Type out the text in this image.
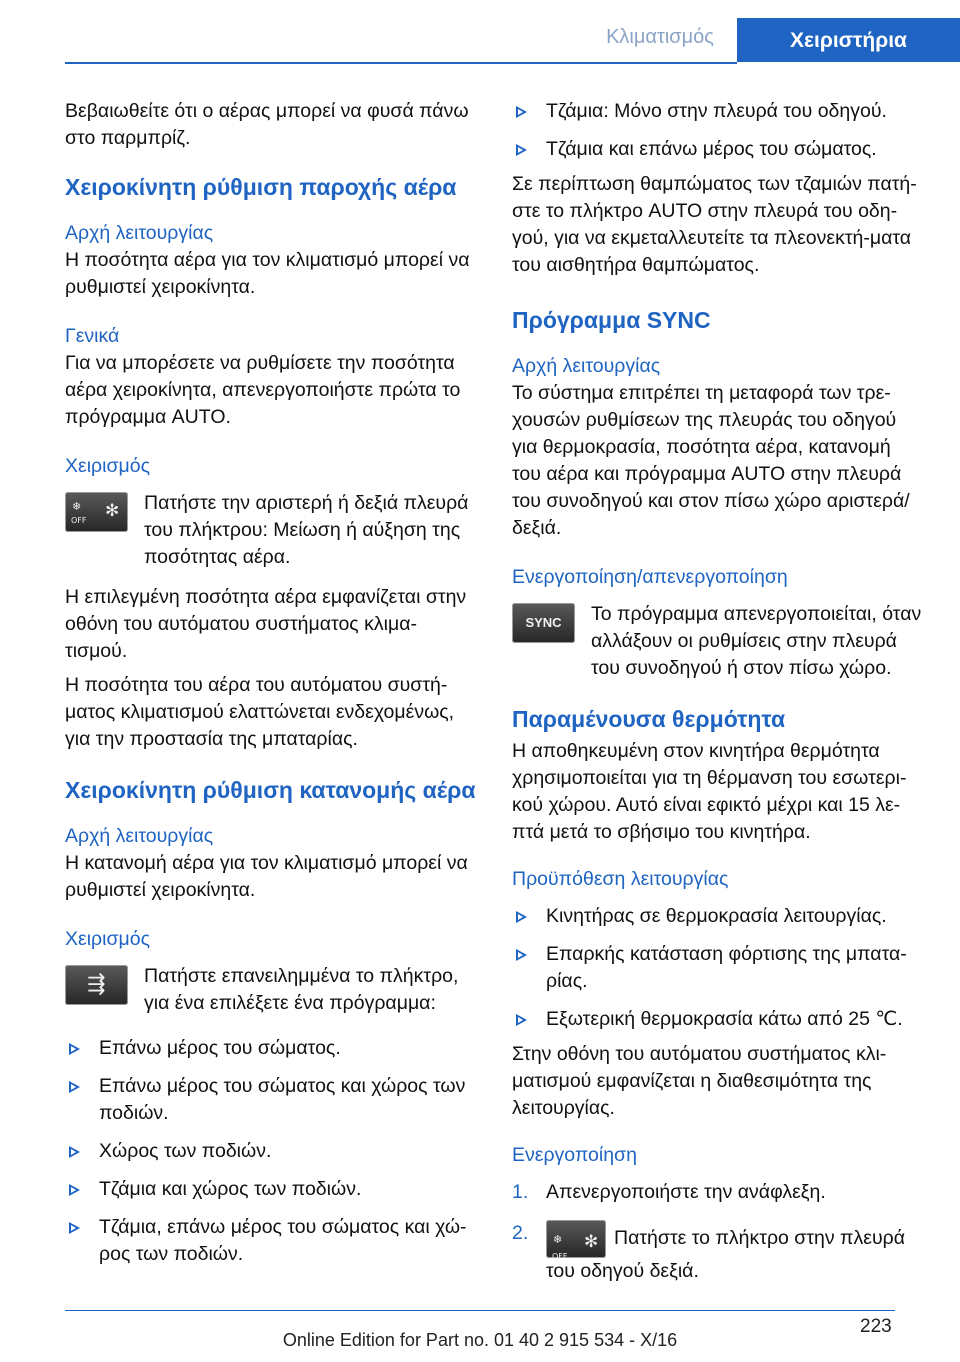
Κλιματισμός	Χειριστήρια

Βεβαιωθείτε ότι ο αέρας μπορεί να φυσά πάνω στο παρμπρίζ.

Χειροκίνητη ρύθμιση παροχής αέρα
Αρχή λειτουργίας

Η ποσότητα αέρα για τον κλιματισμό μπορεί να ρυθμιστεί χειροκίνητα.

Γενικά

Για να μπορέσετε να ρυθμίσετε την ποσότητα αέρα χειροκίνητα, απενεργοποιήστε πρώτα το πρόγραμμα AUTO.

Χειρισμός
❄
OFF
✻	Πατήστε την αριστερή ή δεξιά πλευρά του πλήκτρου: Μείωση ή αύξηση της ποσότητας αέρα.

Η επιλεγμένη ποσότητα αέρα εμφανίζεται στην οθόνη του αυτόματου συστήματος κλιμα-τισμού.

Η ποσότητα του αέρα του αυτόματου συστή-ματος κλιματισμού ελαττώνεται ενδεχομένως, για την προστασία της μπαταρίας.

Χειροκίνητη ρύθμιση κατανομής αέρα
Αρχή λειτουργίας

Η κατανομή αέρα για τον κλιματισμό μπορεί να ρυθμιστεί χειροκίνητα.

Χειρισμός
⇶	Πατήστε επανειλημμένα το πλήκτρο, για ένα επιλέξετε ένα πρόγραμμα:

Επάνω μέρος του σώματος.
Επάνω μέρος του σώματος και χώρος των ποδιών.
Χώρος των ποδιών.
Τζάμια και χώρος των ποδιών.
Τζάμια, επάνω μέρος του σώματος και χώ-ρος των ποδιών.
Τζάμια: Μόνο στην πλευρά του οδηγού.
Τζάμια και επάνω μέρος του σώματος.

Σε περίπτωση θαμπώματος των τζαμιών πατή-στε το πλήκτρο AUTO στην πλευρά του οδη-γού, για να εκμεταλλευτείτε τα πλεονεκτή-ματα του αισθητήρα θαμπώματος.

Πρόγραμμα SYNC
Αρχή λειτουργίας

Το σύστημα επιτρέπει τη μεταφορά των τρε-χουσών ρυθμίσεων της πλευράς του οδηγού για θερμοκρασία, ποσότητα αέρα, κατανομή του αέρα και πρόγραμμα AUTO στην πλευρά του συνοδηγού και στον πίσω χώρο αριστερά/δεξιά.

Ενεργοποίηση/απενεργοποίηση
SYNC	Το πρόγραμμα απενεργοποιείται, όταν αλλάξουν οι ρυθμίσεις στην πλευρά του συνοδηγού ή στον πίσω χώρο.

Παραμένουσα θερμότητα

Η αποθηκευμένη στον κινητήρα θερμότητα χρησιμοποιείται για τη θέρμανση του εσωτερι-κού χώρου. Αυτό είναι εφικτό μέχρι και 15 λε-πτά μετά το σβήσιμο του κινητήρα.

Προϋπόθεση λειτουργίας
Κινητήρας σε θερμοκρασία λειτουργίας.
Επαρκής κατάσταση φόρτισης της μπατα-ρίας.
Εξωτερική θερμοκρασία κάτω από 25 ℃.

Στην οθόνη του αυτόματου συστήματος κλι-ματισμού εμφανίζεται η διαθεσιμότητα της λειτουργίας.

Ενεργοποίηση
1. Απενεργοποιήστε την ανάφλεξη.
2. ❄
OFF
✻ Πατήστε το πλήκτρο στην πλευρά του οδηγού δεξιά.
223
Online Edition for Part no. 01 40 2 915 534 - X/16
